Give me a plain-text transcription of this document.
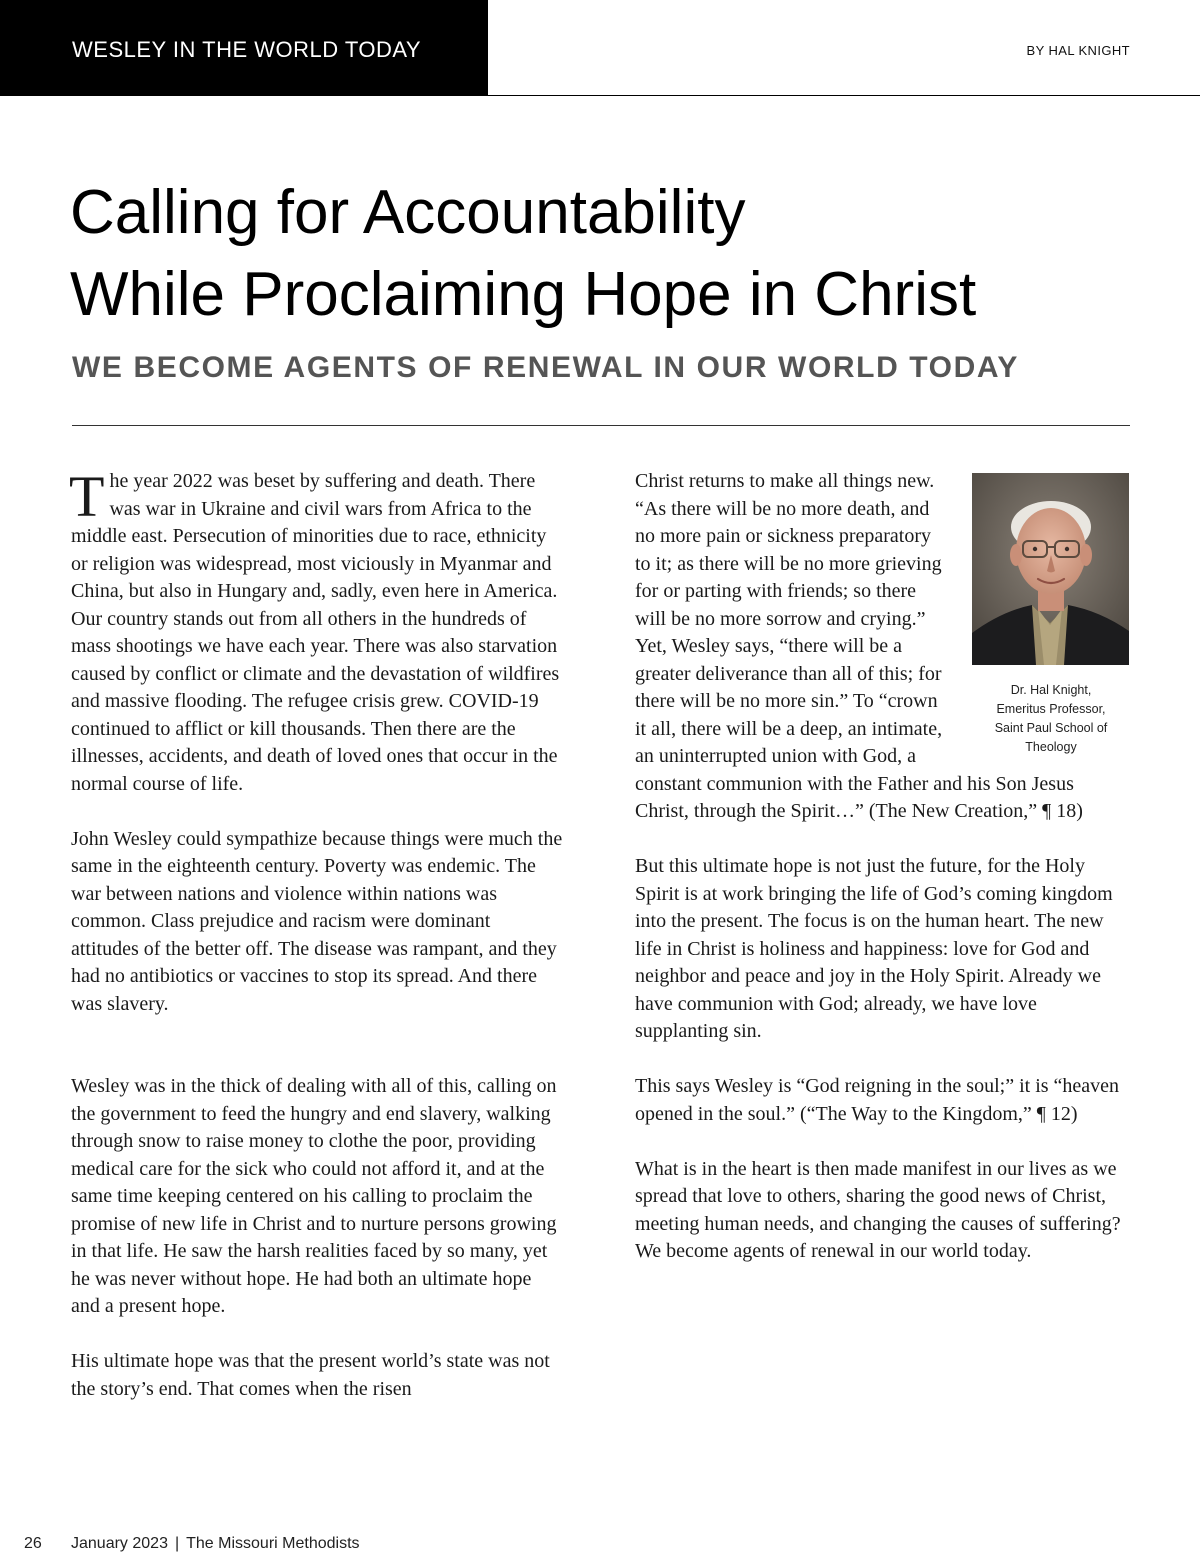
WESLEY IN THE WORLD TODAY	BY HAL KNIGHT
Calling for Accountability
While Proclaiming Hope in Christ
WE BECOME AGENTS OF RENEWAL IN OUR WORLD TODAY

The year 2022 was beset by suffering and death. There was war in Ukraine and civil wars from Africa to the middle east. Persecution of minorities due to race, ethnicity or religion was widespread, most viciously in Myanmar and China, but also in Hungary and, sadly, even here in America. Our country stands out from all others in the hundreds of mass shootings we have each year. There was also starvation caused by conflict or climate and the devastation of wildfires and massive flooding. The refugee crisis grew. COVID-19 continued to afflict or kill thousands. Then there are the illnesses, accidents, and death of loved ones that occur in the normal course of life.

John Wesley could sympathize because things were much the same in the eighteenth century. Poverty was endemic. The war between nations and violence within nations was common. Class prejudice and racism were dominant attitudes of the better off. The disease was rampant, and they had no antibiotics or vaccines to stop its spread. And there was slavery.

Wesley was in the thick of dealing with all of this, calling on the government to feed the hungry and end slavery, walking through snow to raise money to clothe the poor, providing medical care for the sick who could not afford it, and at the same time keeping centered on his calling to proclaim the promise of new life in Christ and to nurture persons growing in that life. He saw the harsh realities faced by so many, yet he was never without hope. He had both an ultimate hope and a present hope.

His ultimate hope was that the present world’s state was not the story’s end. That comes when the risen

Dr. Hal Knight,
Emeritus Professor,
Saint Paul School of
Theology

Christ returns to make all things new. “As there will be no more death, and no more pain or sickness preparatory to it; as there will be no more grieving for or parting with friends; so there will be no more sorrow and crying.” Yet, Wesley says, “there will be a greater deliverance than all of this; for there will be no more sin.” To “crown it all, there will be a deep, an intimate, an uninterrupted union with God, a constant communion with the Father and his Son Jesus Christ, through the Spirit…” (The New Creation,” ¶ 18)

But this ultimate hope is not just the future, for the Holy Spirit is at work bringing the life of God’s coming kingdom into the present. The focus is on the human heart. The new life in Christ is holiness and happiness: love for God and neighbor and peace and joy in the Holy Spirit. Already we have communion with God; already, we have love supplanting sin.

This says Wesley is “God reigning in the soul;” it is “heaven opened in the soul.” (“The Way to the Kingdom,” ¶ 12)

What is in the heart is then made manifest in our lives as we spread that love to others, sharing the good news of Christ, meeting human needs, and changing the causes of suffering? We become agents of renewal in our world today.

26 January 2023 | The Missouri Methodists
